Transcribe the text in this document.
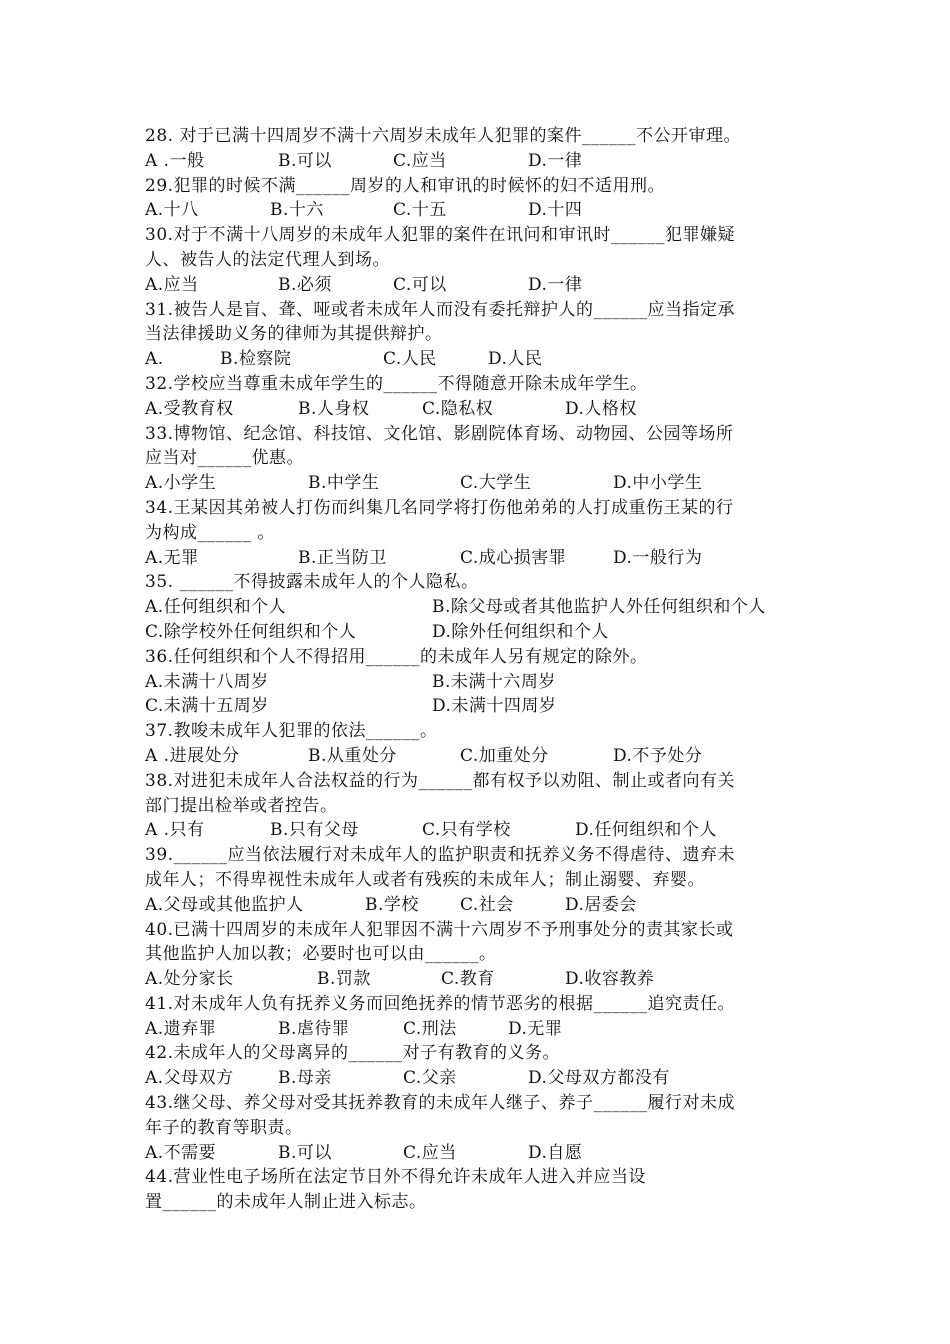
28. 对于已满十四周岁不满十六周岁未成年人犯罪的案件______不公开审理。
A .一般	B.可以	C.应当	D.一律
29.犯罪的时候不满______周岁的人和审讯的时候怀的妇不适用刑。
A.十八	B.十六	C.十五	D.十四
30.对于不满十八周岁的未成年人犯罪的案件在讯问和审讯时______犯罪嫌疑
人、被告人的法定代理人到场。
A.应当	B.必须	C.可以	D.一律
31.被告人是盲、聋、哑或者未成年人而没有委托辩护人的______应当指定承
当法律援助义务的律师为其提供辩护。
A.	B.检察院	C.人民	D.人民
32.学校应当尊重未成年学生的______不得随意开除未成年学生。
A.受教育权	B.人身权	C.隐私权	D.人格权
33.博物馆、纪念馆、科技馆、文化馆、影剧院体育场、动物园、公园等场所
应当对______优惠。
A.小学生	B.中学生	C.大学生	D.中小学生
34.王某因其弟被人打伤而纠集几名同学将打伤他弟弟的人打成重伤王某的行
为构成______ 。
A.无罪	B.正当防卫	C.成心损害罪	D.一般行为
35. ______不得披露未成年人的个人隐私。
A.任何组织和个人	B.除父母或者其他监护人外任何组织和个人
C.除学校外任何组织和个人	D.除外任何组织和个人
36.任何组织和个人不得招用______的未成年人另有规定的除外。
A.未满十八周岁	B.未满十六周岁
C.未满十五周岁	D.未满十四周岁
37.教唆未成年人犯罪的依法______。
A .进展处分	B.从重处分	C.加重处分	D.不予处分
38.对进犯未成年人合法权益的行为______都有权予以劝阻、制止或者向有关
部门提出检举或者控告。
A .只有	B.只有父母	C.只有学校	D.任何组织和个人
39.______应当依法履行对未成年人的监护职责和抚养义务不得虐待、遗弃未
成年人；不得卑视性未成年人或者有残疾的未成年人；制止溺婴、弃婴。
A.父母或其他监护人	B.学校 C.社会	D.居委会
40.已满十四周岁的未成年人犯罪因不满十六周岁不予刑事处分的责其家长或
其他监护人加以教；必要时也可以由______。
A.处分家长	B.罚款	C.教育	D.收容教养
41.对未成年人负有抚养义务而回绝抚养的情节恶劣的根据______追究责任。
A.遗弃罪	B.虐待罪	C.刑法	D.无罪
42.未成年人的父母离异的______对子有教育的义务。
A.父母双方	B.母亲	C.父亲	D.父母双方都没有
43.继父母、养父母对受其抚养教育的未成年人继子、养子______履行对未成
年子的教育等职责。
A.不需要	B.可以	C.应当	D.自愿
44.营业性电子场所在法定节日外不得允许未成年人进入并应当设
置______的未成年人制止进入标志。
